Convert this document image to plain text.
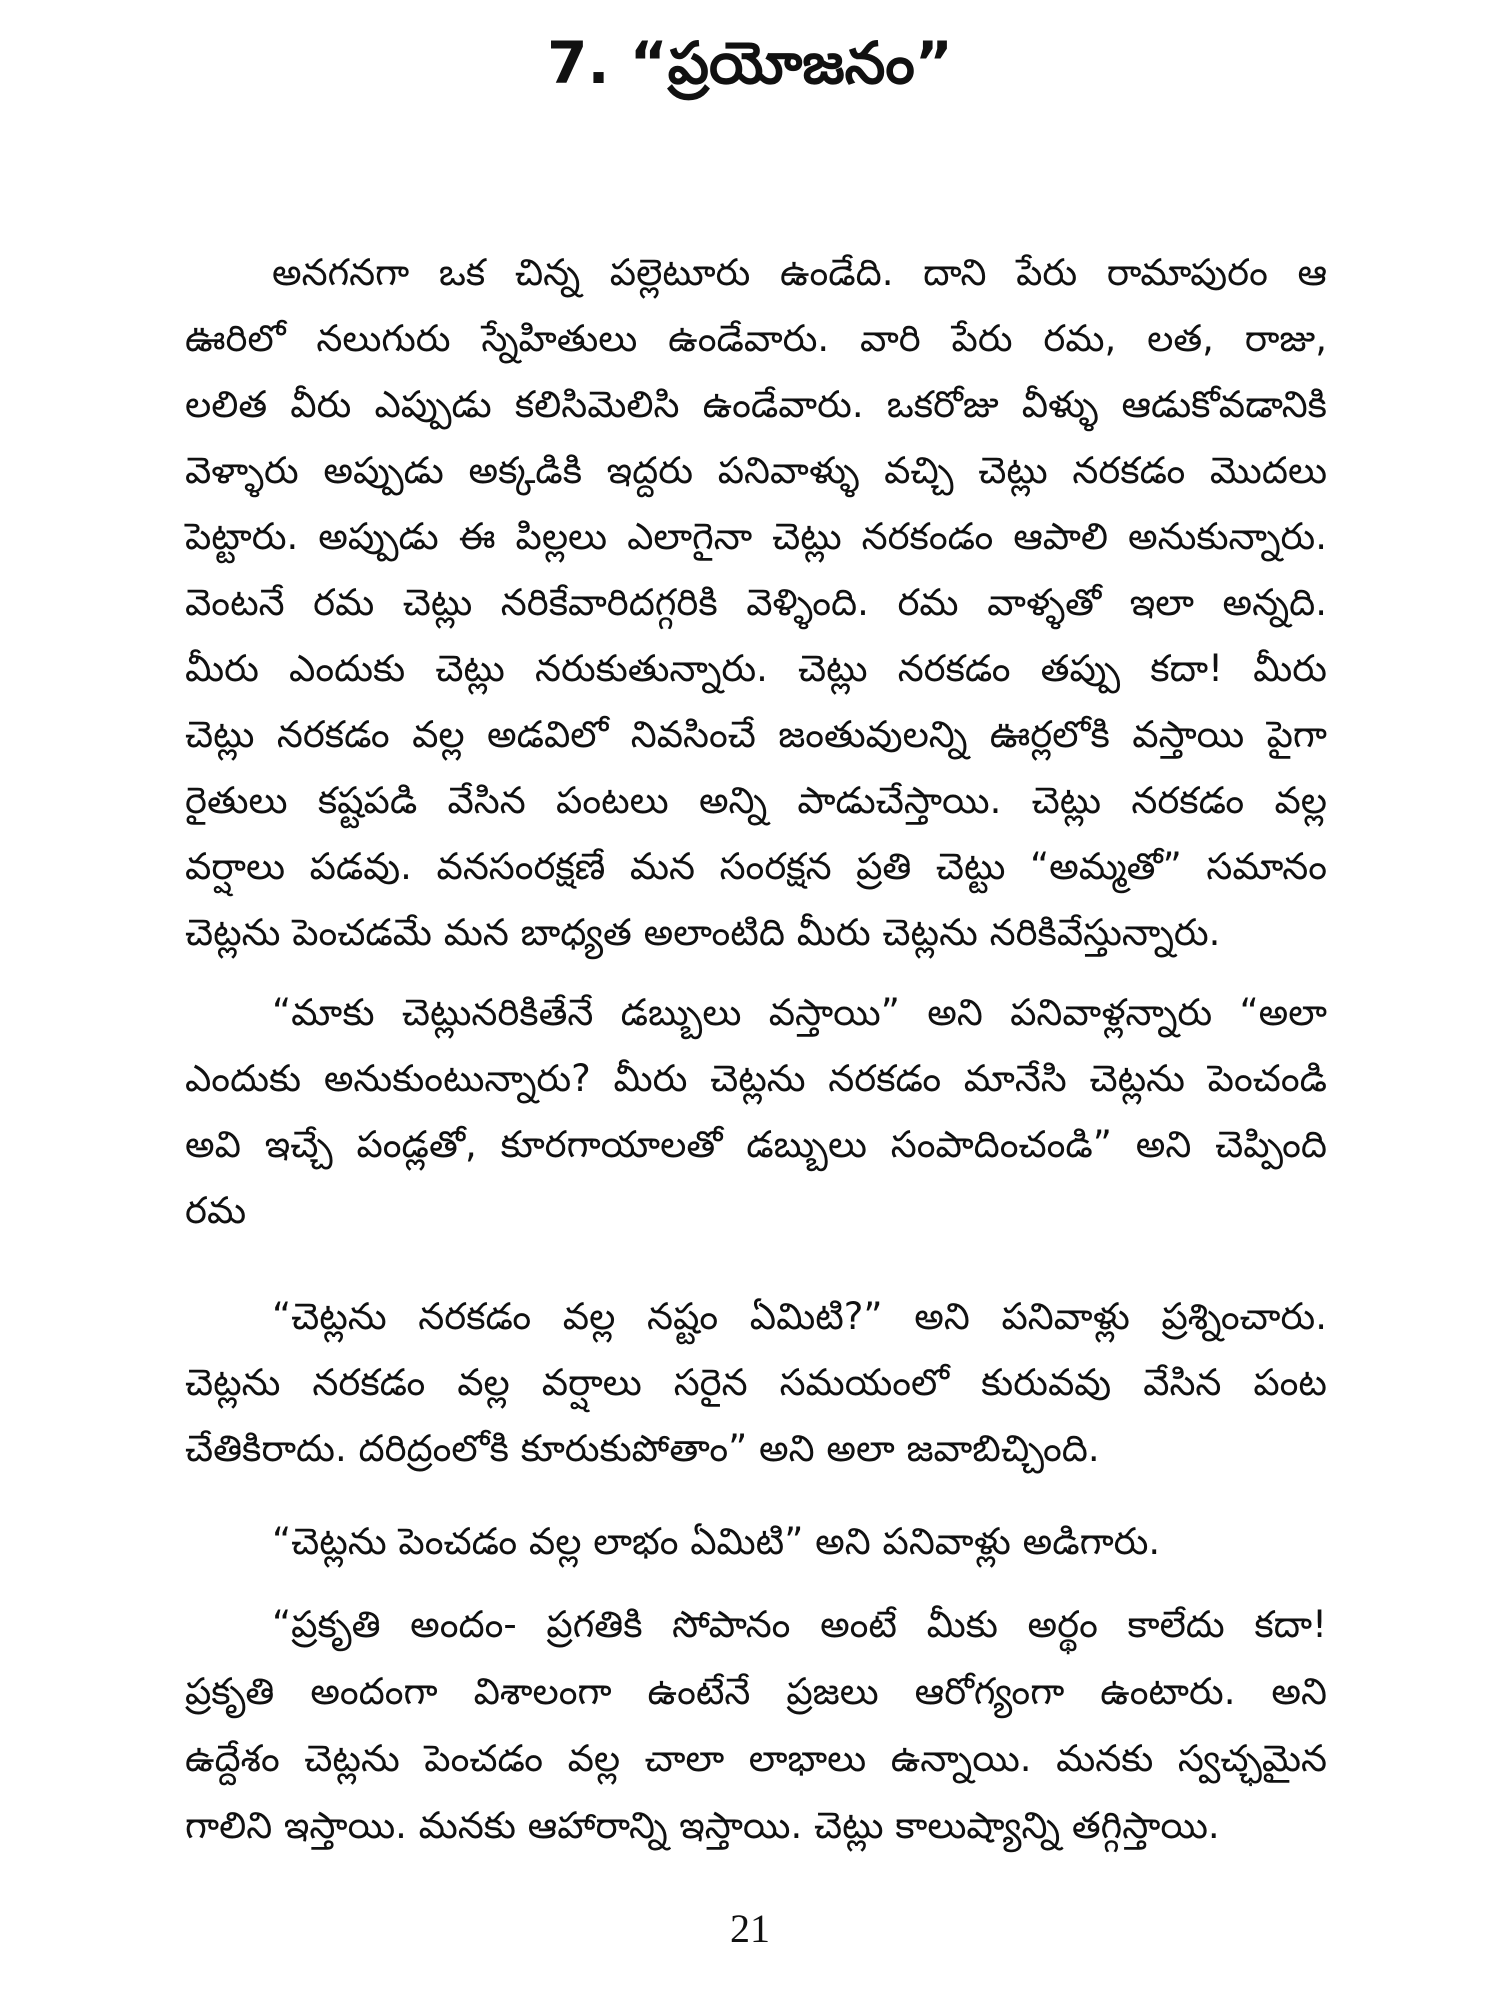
7. “ప్రయోజనం”
అనగనగా ఒక చిన్న పల్లెటూరు ఉండేది. దాని పేరు రామాపురం ఆ
ఊరిలో నలుగురు స్నేహితులు ఉండేవారు. వారి పేరు రమ, లత, రాజు,
లలిత వీరు ఎప్పుడు కలిసిమెలిసి ఉండేవారు. ఒకరోజు వీళ్ళు ఆడుకోవడానికి
వెళ్ళారు అప్పుడు అక్కడికి ఇద్దరు పనివాళ్ళు వచ్చి చెట్లు నరకడం మొదలు
పెట్టారు. అప్పుడు ఈ పిల్లలు ఎలాగైనా చెట్లు నరకండం ఆపాలి అనుకున్నారు.
వెంటనే రమ చెట్లు నరికేవారిదగ్గరికి వెళ్ళింది. రమ వాళ్ళతో ఇలా అన్నది.
మీరు ఎందుకు చెట్లు నరుకుతున్నారు. చెట్లు నరకడం తప్పు కదా! మీరు
చెట్లు నరకడం వల్ల అడవిలో నివసించే జంతువులన్ని ఊర్లలోకి వస్తాయి పైగా
రైతులు కష్టపడి వేసిన పంటలు అన్ని పాడుచేస్తాయి. చెట్లు నరకడం వల్ల
వర్షాలు పడవు. వనసంరక్షణే మన సంరక్షన ప్రతి చెట్టు “అమ్మతో” సమానం
చెట్లను పెంచడమే మన బాధ్యత అలాంటిది మీరు చెట్లను నరికివేస్తున్నారు.
“మాకు చెట్లునరికితేనే డబ్బులు వస్తాయి” అని పనివాళ్లన్నారు “అలా
ఎందుకు అనుకుంటున్నారు? మీరు చెట్లను నరకడం మానేసి చెట్లను పెంచండి
అవి ఇచ్చే పండ్లతో, కూరగాయాలతో డబ్బులు సంపాదించండి” అని చెప్పింది
రమ
“చెట్లను నరకడం వల్ల నష్టం ఏమిటి?” అని పనివాళ్లు ప్రశ్నించారు.
చెట్లను నరకడం వల్ల వర్షాలు సరైన సమయంలో కురువవు వేసిన పంట
చేతికిరాదు. దరిద్రంలోకి కూరుకుపోతాం” అని అలా జవాబిచ్చింది.
“చెట్లను పెంచడం వల్ల లాభం ఏమిటి” అని పనివాళ్లు అడిగారు.
“ప్రకృతి అందం- ప్రగతికి సోపానం అంటే మీకు అర్థం కాలేదు కదా!
ప్రకృతి అందంగా విశాలంగా ఉంటేనే ప్రజలు ఆరోగ్యంగా ఉంటారు. అని
ఉద్దేశం చెట్లను పెంచడం వల్ల చాలా లాభాలు ఉన్నాయి. మనకు స్వచ్ఛమైన
గాలిని ఇస్తాయి. మనకు ఆహారాన్ని ఇస్తాయి. చెట్లు కాలుష్యాన్ని తగ్గిస్తాయి.
21
